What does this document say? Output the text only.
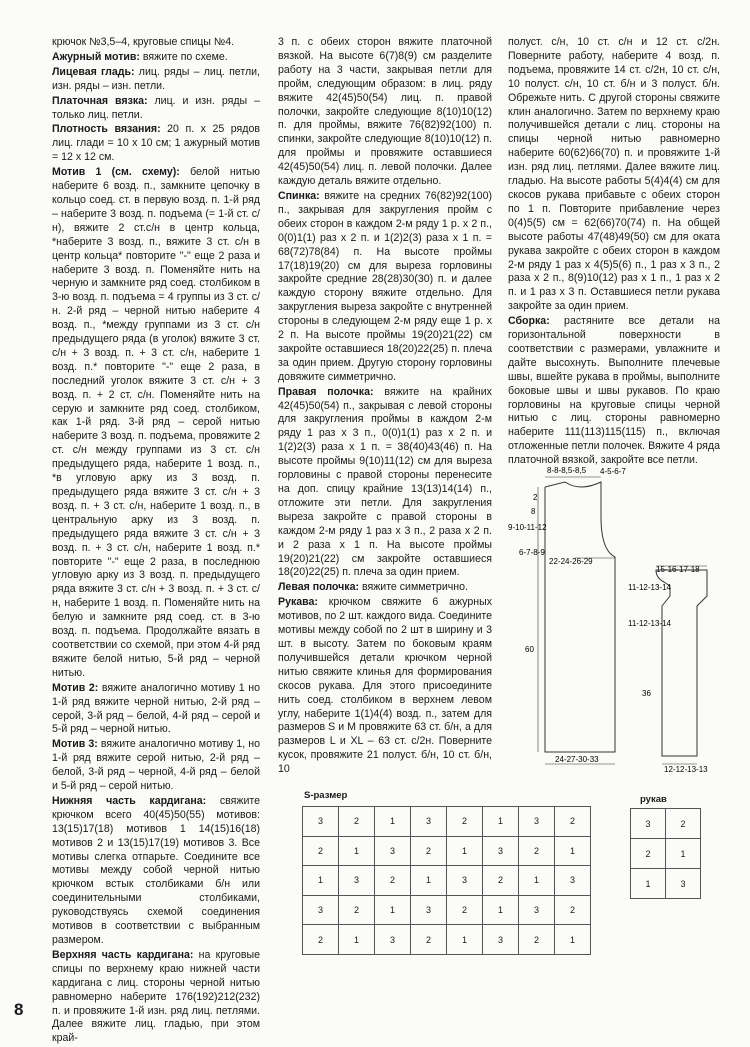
крючок №3,5–4, круговые спицы №4.

Ажурный мотив: вяжите по схеме.

Лицевая гладь: лиц. ряды – лиц. петли, изн. ряды – изн. петли.

Платочная вязка: лиц. и изн. ряды – только лиц. петли.

Плотность вязания: 20 п. х 25 рядов лиц. глади = 10 х 10 см; 1 ажурный мотив = 12 х 12 см.

Мотив 1 (см. схему): белой нитью наберите 6 возд. п., замкните цепочку в кольцо соед. ст. в первую возд. п. 1-й ряд – наберите 3 возд. п. подъема (= 1-й ст. с/н), вяжите 2 ст.с/н в центр кольца, *наберите 3 возд. п., вяжите 3 ст. с/н в центр кольца* повторите "-" еще 2 раза и наберите 3 возд. п. Поменяйте нить на черную и замкните ряд соед. столбиком в 3-ю возд. п. подъема = 4 группы из 3 ст. с/н. 2-й ряд – черной нитью наберите 4 возд. п., *между группами из 3 ст. с/н предыдущего ряда (в уголок) вяжите 3 ст. с/н + 3 возд. п. + 3 ст. с/н, наберите 1 возд. п.* повторите "-" еще 2 раза, в последний уголок вяжите 3 ст. с/н + 3 возд. п. + 2 ст. с/н. Поменяйте нить на серую и замкните ряд соед. столбиком, как 1-й ряд. 3-й ряд – серой нитью наберите 3 возд. п. подъема, провяжите 2 ст. с/н между группами из 3 ст. с/н предыдущего ряда, наберите 1 возд. п., *в угловую арку из 3 возд. п. предыдущего ряда вяжите 3 ст. с/н + 3 возд. п. + 3 ст. с/н, наберите 1 возд. п., в центральную арку из 3 возд. п. предыдущего ряда вяжите 3 ст. с/н + 3 возд. п. + 3 ст. с/н, наберите 1 возд. п.* повторите "-" еще 2 раза, в последнюю угловую арку из 3 возд. п. предыдущего ряда вяжите 3 ст. с/н + 3 возд. п. + 3 ст. с/н, наберите 1 возд. п. Поменяйте нить на белую и замкните ряд соед. ст. в 3-ю возд. п. подъема. Продолжайте вязать в соответствии со схемой, при этом 4-й ряд вяжите белой нитью, 5-й ряд – черной нитью.

Мотив 2: вяжите аналогично мотиву 1 но 1-й ряд вяжите черной нитью, 2-й ряд – серой, 3-й ряд – белой, 4-й ряд – серой и 5-й ряд – черной нитью.

Мотив 3: вяжите аналогично мотиву 1, но 1-й ряд вяжите серой нитью, 2-й ряд – белой, 3-й ряд – черной, 4-й ряд – белой и 5-й ряд – серой нитью.

Нижняя часть кардигана: свяжите крючком всего 40(45)50(55) мотивов: 13(15)17(18) мотивов 1 14(15)16(18) мотивов 2 и 13(15)17(19) мотивов 3. Все мотивы слегка отпарьте. Соедините все мотивы между собой черной нитью крючком встык столбиками б/н или соединительными столбиками, руководствуясь схемой соединения мотивов в соответствии с выбранным размером.

Верхняя часть кардигана: на круговые спицы по верхнему краю нижней части кардигана с лиц. стороны черной нитью равномерно наберите 176(192)212(232) п. и провяжите 1-й изн. ряд лиц. петлями. Далее вяжите лиц. гладью, при этом край-

3 п. с обеих сторон вяжите платочной вязкой. На высоте 6(7)8(9) см разделите работу на 3 части, закрывая петли для пройм, следующим образом: в лиц. ряду вяжите 42(45)50(54) лиц. п. правой полочки, закройте следующие 8(10)10(12) п. для проймы, вяжите 76(82)92(100) п. спинки, закройте следующие 8(10)10(12) п. для проймы и провяжите оставшиеся 42(45)50(54) лиц. п. левой полочки. Далее каждую деталь вяжите отдельно.

Спинка: вяжите на средних 76(82)92(100) п., закрывая для закругления пройм с обеих сторон в каждом 2-м ряду 1 р. х 2 п., 0(0)1(1) раз х 2 п. и 1(2)2(3) раза х 1 п. = 68(72)78(84) п. На высоте проймы 17(18)19(20) см для выреза горловины закройте средние 28(28)30(30) п. и далее каждую сторону вяжите отдельно. Для закругления выреза закройте с внутренней стороны в следующем 2-м ряду еще 1 р. х 2 п. На высоте проймы 19(20)21(22) см закройте оставшиеся 18(20)22(25) п. плеча за один прием. Другую сторону горловины довяжите симметрично.

Правая полочка: вяжите на крайних 42(45)50(54) п., закрывая с левой стороны для закругления проймы в каждом 2-м ряду 1 раз х 3 п., 0(0)1(1) раз х 2 п. и 1(2)2(3) раза х 1 п. = 38(40)43(46) п. На высоте проймы 9(10)11(12) см для выреза горловины с правой стороны перенесите на доп. спицу крайние 13(13)14(14) п., отложите эти петли. Для закругления выреза закройте с правой стороны в каждом 2-м ряду 1 раз х 3 п., 2 раза х 2 п. и 2 раза х 1 п. На высоте проймы 19(20)21(22) см закройте оставшиеся 18(20)22(25) п. плеча за один прием.

Левая полочка: вяжите симметрично.

Рукава: крючком свяжите 6 ажурных мотивов, по 2 шт. каждого вида. Соедините мотивы между собой по 2 шт в ширину и 3 шт. в высоту. Затем по боковым краям получившейся детали крючком черной нитью свяжите клинья для формирования скосов рукава. Для этого присоедините нить соед. столбиком в верхнем левом углу, наберите 1(1)4(4) возд. п., затем для размеров S и M провяжите 63 ст. б/н, а для размеров L и XL – 63 ст. с/2н. Поверните кусок, провяжите 21 полуст. б/н, 10 ст. б/н, 10

полуст. с/н, 10 ст. с/н и 12 ст. с/2н. Поверните работу, наберите 4 возд. п. подъема, провяжите 14 ст. с/2н, 10 ст. с/н, 10 полуст. с/н, 10 ст. б/н и 3 полуст. б/н. Обрежьте нить. С другой стороны свяжите клин аналогично. Затем по верхнему краю получившейся детали с лиц. стороны на спицы черной нитью равномерно наберите 60(62)66(70) п. и провяжите 1-й изн. ряд лиц. петлями. Далее вяжите лиц. гладью. На высоте работы 5(4)4(4) см для скосов рукава прибавьте с обеих сторон по 1 п. Повторите прибавление через 0(4)5(5) см = 62(66)70(74) п. На общей высоте работы 47(48)49(50) см для оката рукава закройте с обеих сторон в каждом 2-м ряду 1 раз х 4(5)5(6) п., 1 раз х 3 п., 2 раза х 2 п., 8(9)10(12) раз х 1 п., 1 раз х 2 п. и 1 раз х 3 п. Оставшиеся петли рукава закройте за один прием.

Сборка: растяните все детали на горизонтальной поверхности в соответствии с размерами, увлажните и дайте высохнуть. Выполните плечевые швы, вшейте рукава в проймы, выполните боковые швы и швы рукавов. По краю горловины на круговые спицы черной нитью с лиц. стороны равномерно наберите 111(113)115(115) п., включая отложенные петли полочек. Вяжите 4 ряда платочной вязкой, закройте все петли.

8-8-8,5-8,5 4-5-6-7
2
8
9-10-11-12
6-7-8-9
22-24-26-29
60
24-27-30-33
15-16-17-18
11-12-13-14
11-12-13-14
36
12-12-13-13
S-размер
3	2	1	3	2	1	3	2
2	1	3	2	1	3	2	1
1	3	2	1	3	2	1	3
3	2	1	3	2	1	3	2
2	1	3	2	1	3	2	1
рукав
3	2
2	1
1	3
8
